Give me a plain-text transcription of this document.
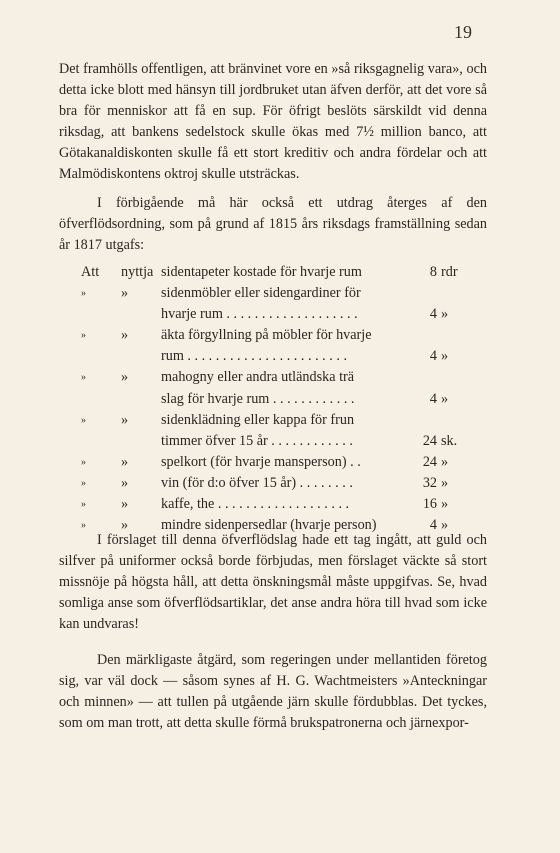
19

Det framhölls offentligen, att bränvinet vore en »så riksgagnelig vara», och detta icke blott med hänsyn till jordbruket utan äfven derför, att det vore så bra för menniskor att få en sup. För öfrigt beslöts särskildt vid denna riksdag, att bankens sedelstock skulle ökas med 7½ million banco, att Götakanaldiskonten skulle få ett stort kreditiv och andra fördelar och att Malmödiskontens oktroj skulle utsträckas.

I förbigående må här också ett utdrag återges af den öfverflödsordning, som på grund af 1815 års riksdags framställning sedan år 1817 utgafs:

Att	nyttja sidentapeter kostade för hvarje rum	8 rdr
»	»	sidenmöbler eller sidengardiner för
hvarje rum . . . . . . . . . . . . . . . . . . .	4 »
»	»	äkta förgyllning på möbler för hvarje
rum . . . . . . . . . . . . . . . . . . . . . . .	4 »
»	»	mahogny eller andra utländska trä
slag för hvarje rum . . . . . . . . . . . .	4 »
»	»	sidenklädning eller kappa för frun
timmer öfver 15 år . . . . . . . . . . . .	24 sk.
»	»	spelkort (för hvarje mansperson) . .	24 »
»	»	vin (för d:o öfver 15 år) . . . . . . . .	32 »
»	»	kaffe, the . . . . . . . . . . . . . . . . . . .	16 »
»	»	mindre sidenpersedlar (hvarje person)	4 »

I förslaget till denna öfverflödslag hade ett tag ingått, att guld och silfver på uniformer också borde förbjudas, men förslaget väckte så stort missnöje på högsta håll, att detta önskningsmål måste uppgifvas. Se, hvad somliga anse som öfverflödsartiklar, det anse andra höra till hvad som icke kan undvaras!

Den märkligaste åtgärd, som regeringen under mellantiden företog sig, var väl dock — såsom synes af H. G. Wachtmeisters »Anteckningar och minnen» — att tullen på utgående järn skulle fördubblas. Det tyckes, som om man trott, att detta skulle förmå brukspatronerna och järnexpor-
